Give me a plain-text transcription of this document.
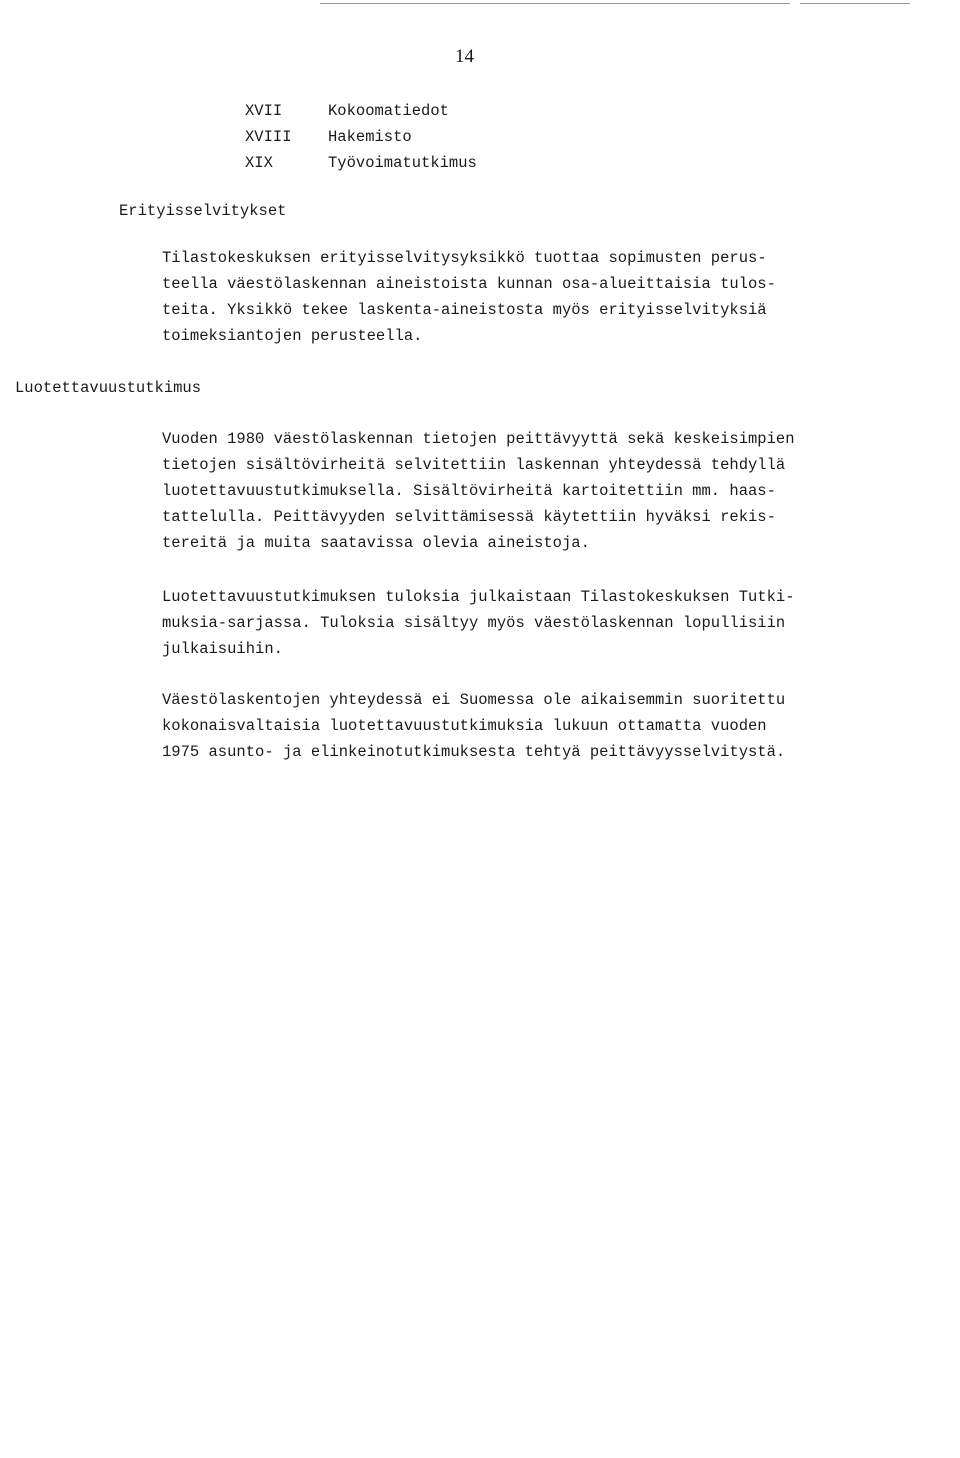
14
XVII	Kokoomatiedot
XVIII Hakemisto
XIX	Työvoimatutkimus
Erityisselvitykset
Tilastokeskuksen erityisselvitysyksikkö tuottaa sopimusten perus-
teella väestölaskennan aineistoista kunnan osa-alueittaisia tulos-
teita. Yksikkö tekee laskenta-aineistosta myös erityisselvityksiä
toimeksiantojen perusteella.
Luotettavuustutkimus
Vuoden 1980 väestölaskennan tietojen peittävyyttä sekä keskeisimpien
tietojen sisältövirheitä selvitettiin laskennan yhteydessä tehdyllä
luotettavuustutkimuksella. Sisältövirheitä kartoitettiin mm. haas-
tattelulla. Peittävyyden selvittämisessä käytettiin hyväksi rekis-
tereitä ja muita saatavissa olevia aineistoja.
Luotettavuustutkimuksen tuloksia julkaistaan Tilastokeskuksen Tutki-
muksia-sarjassa. Tuloksia sisältyy myös väestölaskennan lopullisiin
julkaisuihin.
Väestölaskentojen yhteydessä ei Suomessa ole aikaisemmin suoritettu
kokonaisvaltaisia luotettavuustutkimuksia lukuun ottamatta vuoden
1975 asunto- ja elinkeinotutkimuksesta tehtyä peittävyysselvitystä.
